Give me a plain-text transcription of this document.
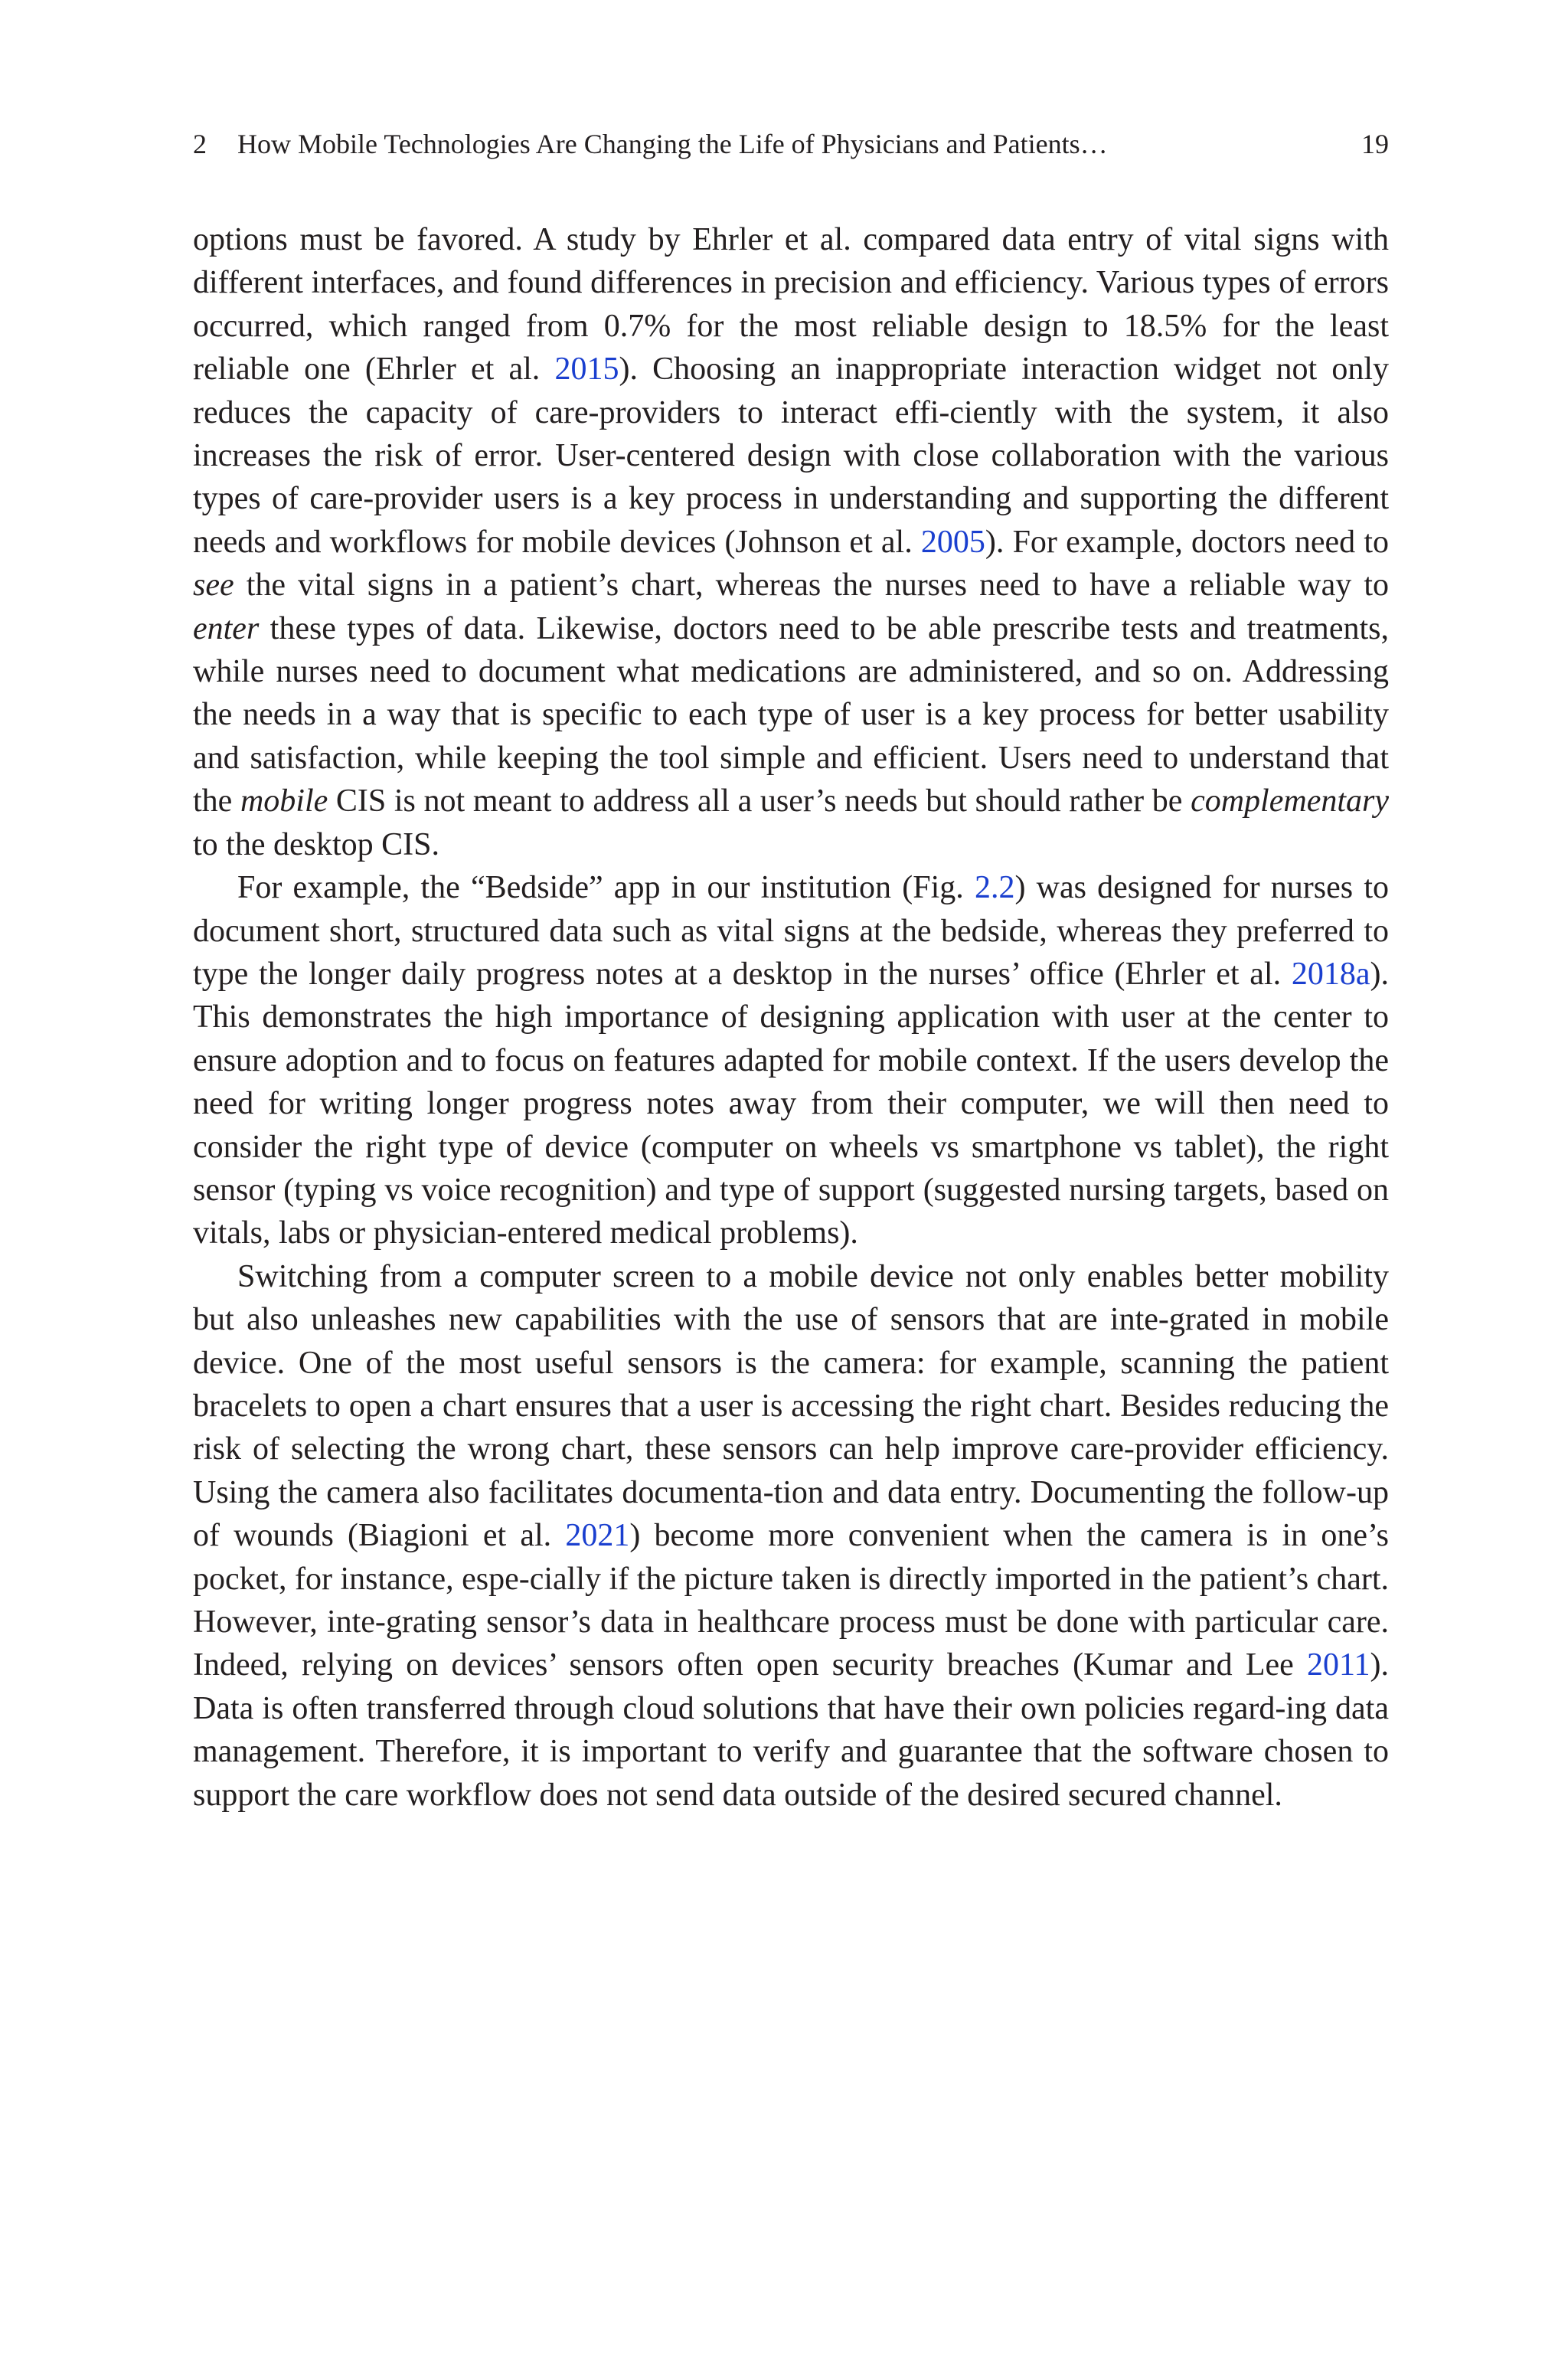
2 How Mobile Technologies Are Changing the Life of Physicians and Patients…	19

options must be favored. A study by Ehrler et al. compared data entry of vital signs with different interfaces, and found differences in precision and efficiency. Various types of errors occurred, which ranged from 0.7% for the most reliable design to 18.5% for the least reliable one (Ehrler et al. 2015). Choosing an inappropriate interaction widget not only reduces the capacity of care-providers to interact effi-ciently with the system, it also increases the risk of error. User-centered design with close collaboration with the various types of care-provider users is a key process in understanding and supporting the different needs and workflows for mobile devices (Johnson et al. 2005). For example, doctors need to see the vital signs in a patient’s chart, whereas the nurses need to have a reliable way to enter these types of data. Likewise, doctors need to be able prescribe tests and treatments, while nurses need to document what medications are administered, and so on. Addressing the needs in a way that is specific to each type of user is a key process for better usability and satisfaction, while keeping the tool simple and efficient. Users need to understand that the mobile CIS is not meant to address all a user’s needs but should rather be complementary to the desktop CIS.

For example, the “Bedside” app in our institution (Fig. 2.2) was designed for nurses to document short, structured data such as vital signs at the bedside, whereas they preferred to type the longer daily progress notes at a desktop in the nurses’ office (Ehrler et al. 2018a). This demonstrates the high importance of designing application with user at the center to ensure adoption and to focus on features adapted for mobile context. If the users develop the need for writing longer progress notes away from their computer, we will then need to consider the right type of device (computer on wheels vs smartphone vs tablet), the right sensor (typing vs voice recognition) and type of support (suggested nursing targets, based on vitals, labs or physician-entered medical problems).

Switching from a computer screen to a mobile device not only enables better mobility but also unleashes new capabilities with the use of sensors that are inte-grated in mobile device. One of the most useful sensors is the camera: for example, scanning the patient bracelets to open a chart ensures that a user is accessing the right chart. Besides reducing the risk of selecting the wrong chart, these sensors can help improve care-provider efficiency. Using the camera also facilitates documenta-tion and data entry. Documenting the follow-up of wounds (Biagioni et al. 2021) become more convenient when the camera is in one’s pocket, for instance, espe-cially if the picture taken is directly imported in the patient’s chart. However, inte-grating sensor’s data in healthcare process must be done with particular care. Indeed, relying on devices’ sensors often open security breaches (Kumar and Lee 2011). Data is often transferred through cloud solutions that have their own policies regard-ing data management. Therefore, it is important to verify and guarantee that the software chosen to support the care workflow does not send data outside of the desired secured channel.
